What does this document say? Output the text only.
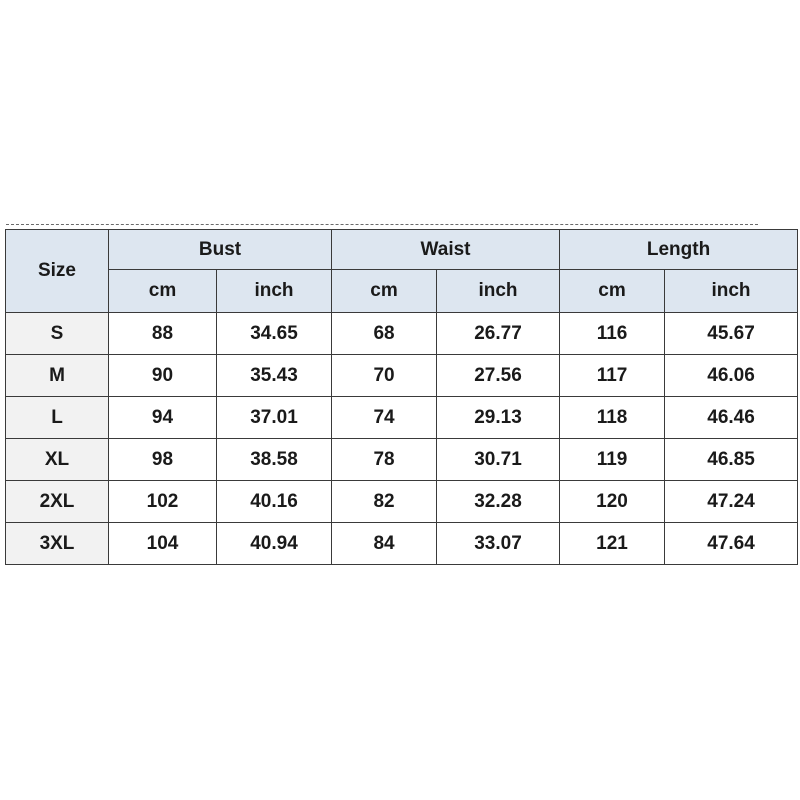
Size	Bust		Waist		Length	
	cm	inch	cm	inch	cm	inch
S	88	34.65	68	26.77	116	45.67
M	90	35.43	70	27.56	117	46.06
L	94	37.01	74	29.13	118	46.46
XL	98	38.58	78	30.71	119	46.85
2XL	102	40.16	82	32.28	120	47.24
3XL	104	40.94	84	33.07	121	47.64
